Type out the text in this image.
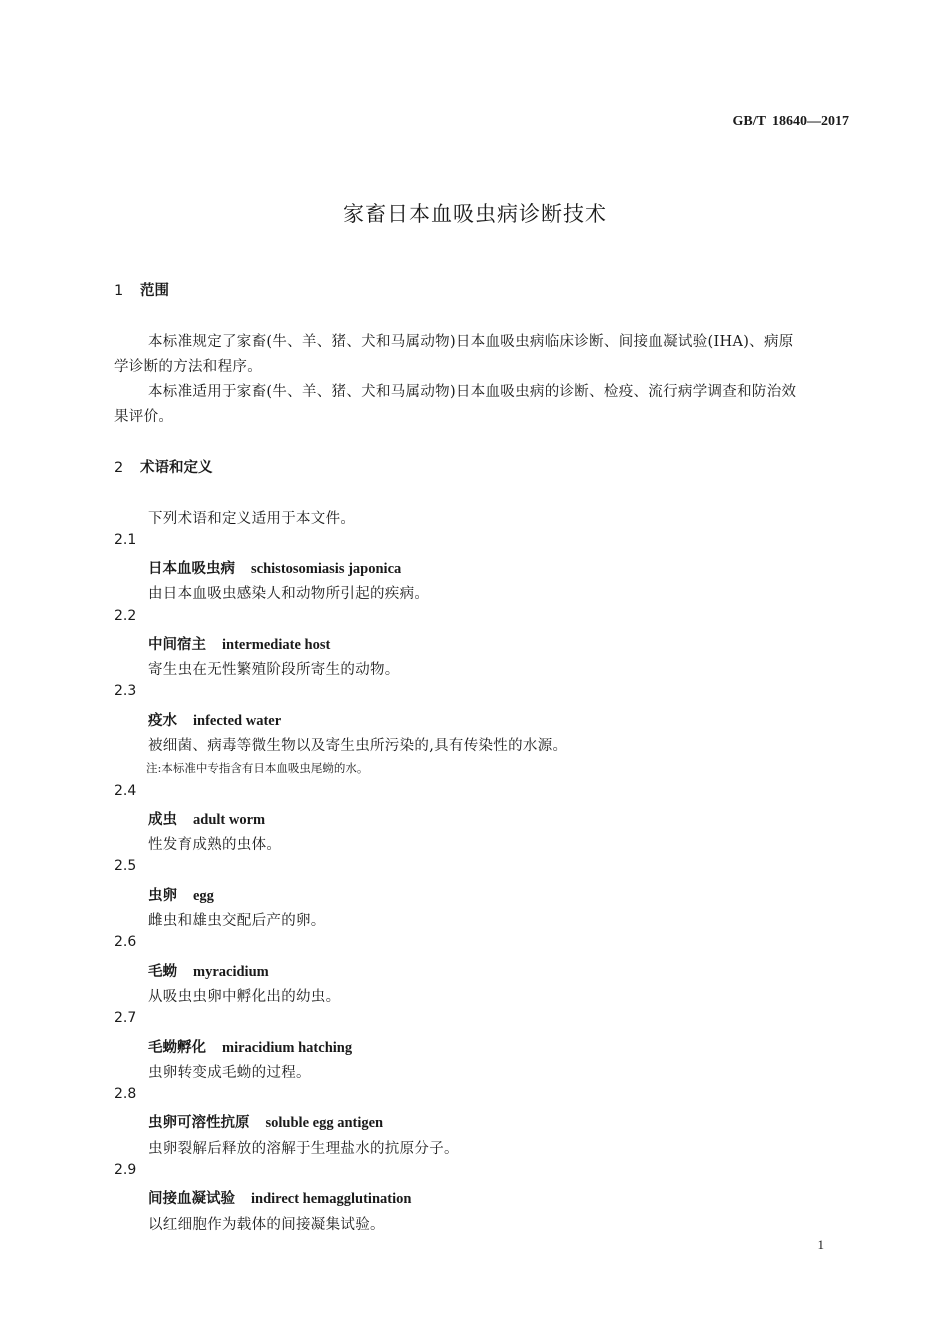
GB/T 18640—2017
家畜日本血吸虫病诊断技术
1 范围
本标准规定了家畜(牛、羊、猪、犬和马属动物)日本血吸虫病临床诊断、间接血凝试验(IHA)、病原
学诊断的方法和程序。
本标准适用于家畜(牛、羊、猪、犬和马属动物)日本血吸虫病的诊断、检疫、流行病学调查和防治效
果评价。
2 术语和定义
下列术语和定义适用于本文件。
2.1
日本血吸虫病 schistosomiasis japonica
由日本血吸虫感染人和动物所引起的疾病。
2.2
中间宿主 intermediate host
寄生虫在无性繁殖阶段所寄生的动物。
2.3
疫水 infected water
被细菌、病毒等微生物以及寄生虫所污染的,具有传染性的水源。
注:本标准中专指含有日本血吸虫尾蚴的水。
2.4
成虫 adult worm
性发育成熟的虫体。
2.5
虫卵 egg
雌虫和雄虫交配后产的卵。
2.6
毛蚴 myracidium
从吸虫虫卵中孵化出的幼虫。
2.7
毛蚴孵化 miracidium hatching
虫卵转变成毛蚴的过程。
2.8
虫卵可溶性抗原 soluble egg antigen
虫卵裂解后释放的溶解于生理盐水的抗原分子。
2.9
间接血凝试验 indirect hemagglutination
以红细胞作为载体的间接凝集试验。
1
